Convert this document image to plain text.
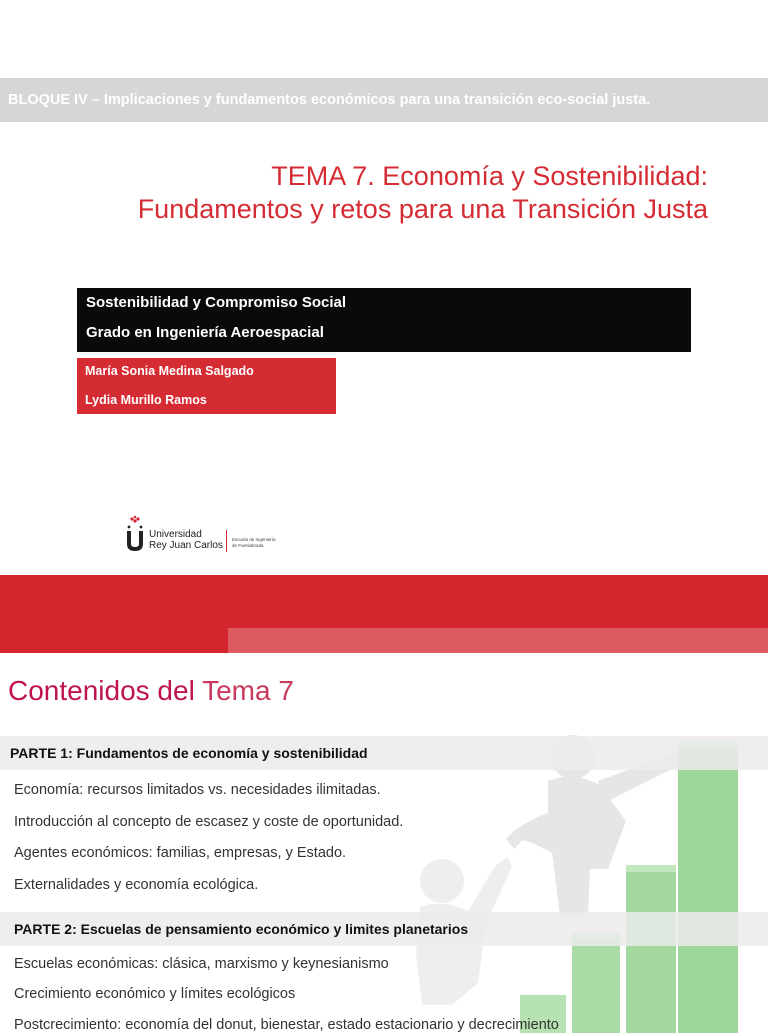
BLOQUE IV – Implicaciones y fundamentos económicos para una transición eco-social justa.
TEMA 7. Economía y Sostenibilidad:
Fundamentos y retos para una Transición Justa
Sostenibilidad y Compromiso Social
Grado en Ingeniería Aeroespacial
María Sonia Medina Salgado
Lydia Murillo Ramos
Universidad
Rey Juan Carlos
Escuela de Ingeniería
de Fuenlabrada
Contenidos del Tema 7
PARTE 1: Fundamentos de economía y sostenibilidad
Economía: recursos limitados vs. necesidades ilimitadas.
Introducción al concepto de escasez y coste de oportunidad.
Agentes económicos: familias, empresas, y Estado.
Externalidades y economía ecológica.
PARTE 2: Escuelas de pensamiento económico y limites planetarios
Escuelas económicas: clásica, marxismo y keynesianismo
Crecimiento económico y límites ecológicos
Postcrecimiento: economía del donut, bienestar, estado estacionario y decrecimiento
